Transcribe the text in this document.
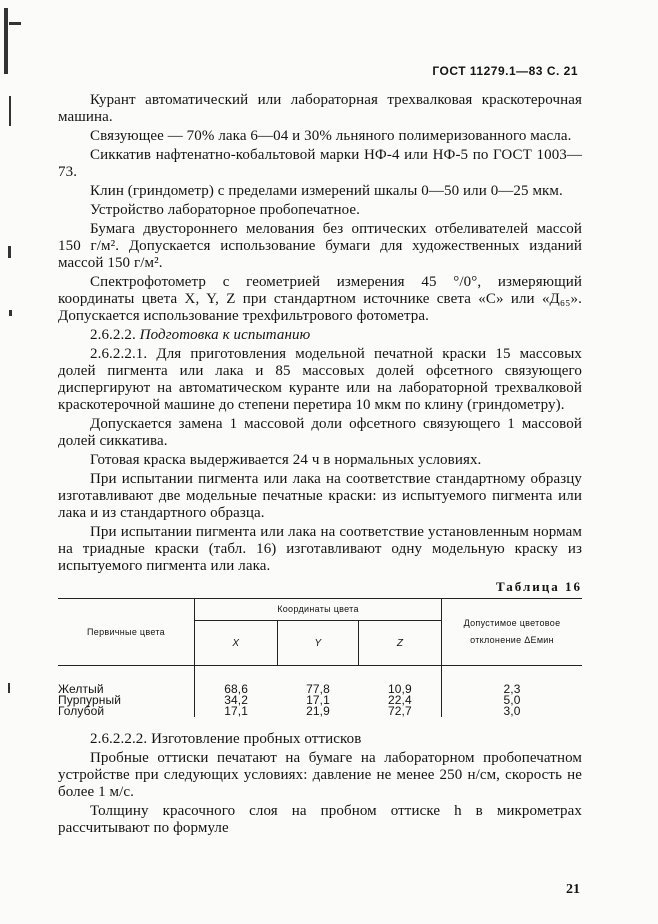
ГОСТ 11279.1—83 С. 21

Курант автоматический или лабораторная трехвалковая краскотерочная машина.

Связующее — 70% лака 6—04 и 30% льняного полимеризованного масла.

Сиккатив нафтенатно-кобальтовой марки НФ-4 или НФ-5 по ГОСТ 1003—73.

Клин (гриндометр) с пределами измерений шкалы 0—50 или 0—25 мкм.

Устройство лабораторное пробопечатное.

Бумага двустороннего мелования без оптических отбеливателей массой 150 г/м². Допускается использование бумаги для художественных изданий массой 150 г/м².

Спектрофотометр с геометрией измерения 45 °/0°, измеряющий координаты цвета X, Y, Z при стандартном источнике света «С» или «Д₆₅». Допускается использование трехфильтрового фотометра.

2.6.2.2. Подготовка к испытанию

2.6.2.2.1. Для приготовления модельной печатной краски 15 массовых долей пигмента или лака и 85 массовых долей офсетного связующего диспергируют на автоматическом куранте или на лабораторной трехвалковой краскотерочной машине до степени перетира 10 мкм по клину (гриндометру).

Допускается замена 1 массовой доли офсетного связующего 1 массовой долей сиккатива.

Готовая краска выдерживается 24 ч в нормальных условиях.

При испытании пигмента или лака на соответствие стандартному образцу изготавливают две модельные печатные краски: из испытуемого пигмента или лака и из стандартного образца.

При испытании пигмента или лака на соответствие установленным нормам на триадные краски (табл. 16) изготавливают одну модельную краску из испытуемого пигмента или лака.

Таблица 16
Первичные цвета	Координаты цвета			Допустимое цветовое отклонение ΔЕмин
	X	Y	Z	
Желтый	68,6	77,8	10,9	2,3
Пурпурный	34,2	17,1	22,4	5,0
Голубой	17,1	21,9	72,7	3,0

2.6.2.2.2. Изготовление пробных оттисков

Пробные оттиски печатают на бумаге на лабораторном пробопечатном устройстве при следующих условиях: давление не менее 250 н/см, скорость не более 1 м/с.

Толщину красочного слоя на пробном оттиске h в микрометрах рассчитывают по формуле

21
